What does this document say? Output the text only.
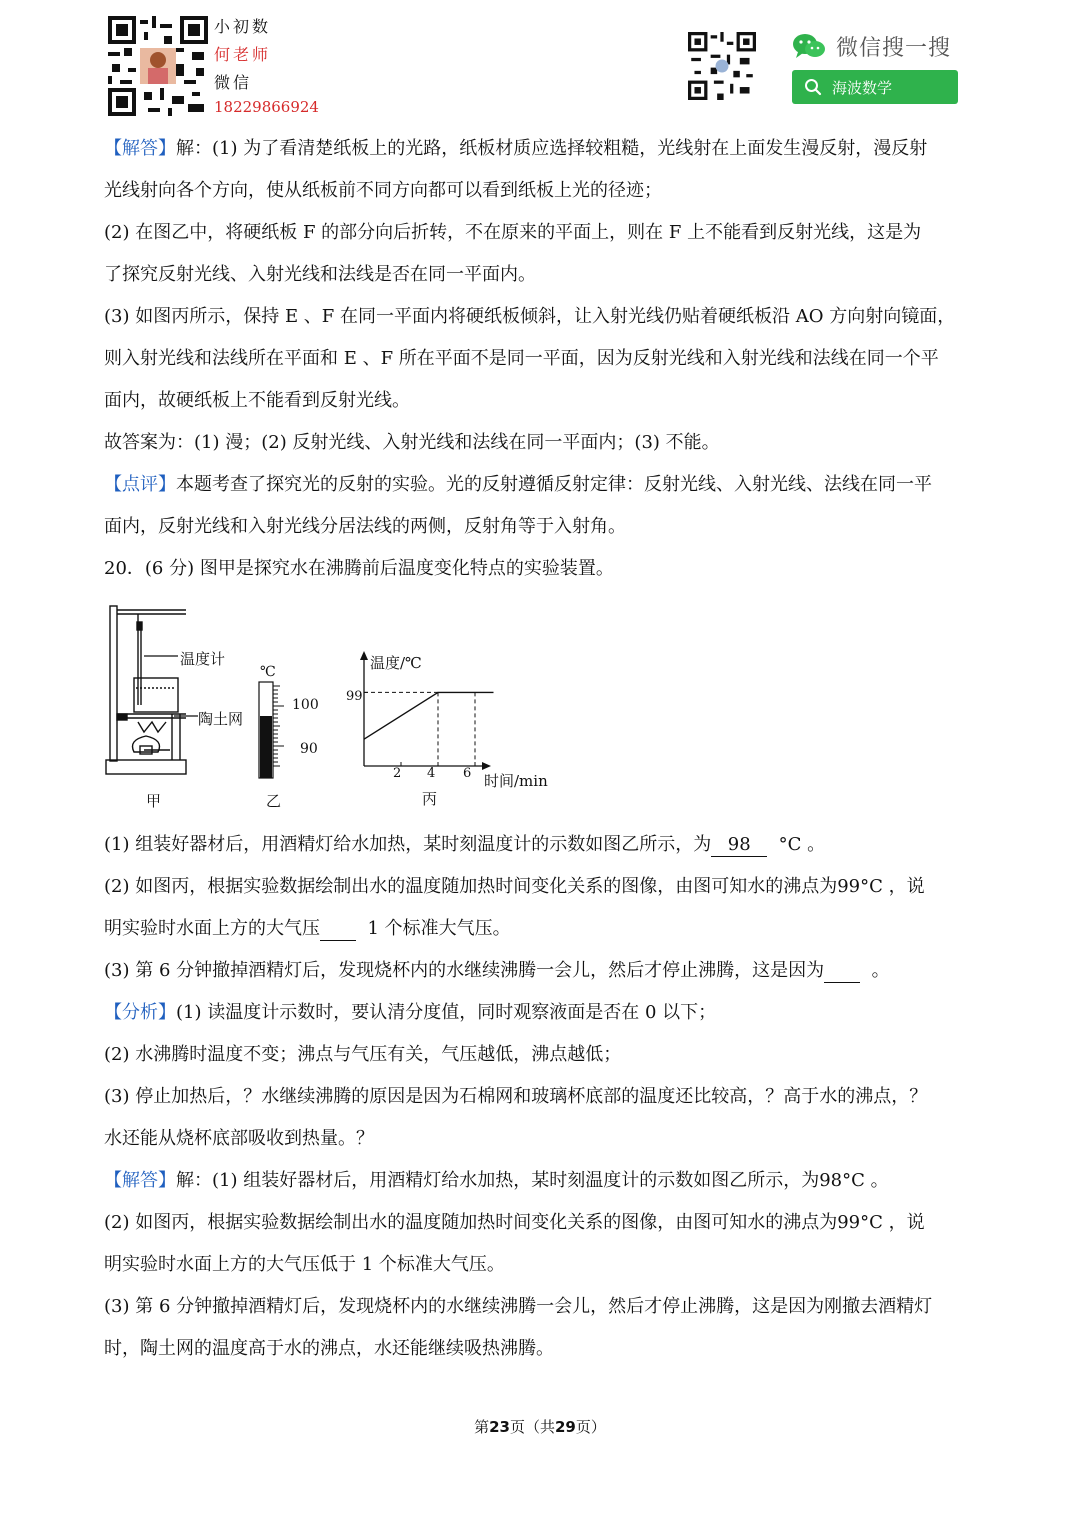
小初数
何老师
微信
18229866924
微信搜一搜
海波数学
【解答】解：(1) 为了看清楚纸板上的光路，纸板材质应选择较粗糙，光线射在上面发生漫反射，漫反射
光线射向各个方向，使从纸板前不同方向都可以看到纸板上光的径迹；
(2) 在图乙中，将硬纸板 F 的部分向后折转，不在原来的平面上，则在 F 上不能看到反射光线，这是为
了探究反射光线、入射光线和法线是否在同一平面内。
(3) 如图丙所示，保持 E 、F 在同一平面内将硬纸板倾斜，让入射光线仍贴着硬纸板沿 AO 方向射向镜面，
则入射光线和法线所在平面和 E 、F 所在平面不是同一平面，因为反射光线和入射光线和法线在同一个平
面内，故硬纸板上不能看到反射光线。
故答案为：(1) 漫；(2) 反射光线、入射光线和法线在同一平面内；(3) 不能。
【点评】本题考查了探究光的反射的实验。光的反射遵循反射定律：反射光线、入射光线、法线在同一平
面内，反射光线和入射光线分居法线的两侧，反射角等于入射角。
20．(6 分) 图甲是探究水在沸腾前后温度变化特点的实验装置。
温度计
陶土网
甲
℃
100
90
乙
温度/℃
99
2 4 6 时间/min
丙
(1) 组装好器材后，用酒精灯给水加热，某时刻温度计的示数如图乙所示，为 98 °C 。
(2) 如图丙，根据实验数据绘制出水的温度随加热时间变化关系的图像，由图可知水的沸点为99°C ，说
明实验时水面上方的大气压	1 个标准大气压。
(3) 第 6 分钟撤掉酒精灯后，发现烧杯内的水继续沸腾一会儿，然后才停止沸腾，这是因为	。
【分析】(1) 读温度计示数时，要认清分度值，同时观察液面是否在 0 以下；
(2) 水沸腾时温度不变；沸点与气压有关，气压越低，沸点越低；
(3) 停止加热后，？水继续沸腾的原因是因为石棉网和玻璃杯底部的温度还比较高，？高于水的沸点，？
水还能从烧杯底部吸收到热量。？
【解答】解：(1) 组装好器材后，用酒精灯给水加热，某时刻温度计的示数如图乙所示，为98°C 。
(2) 如图丙，根据实验数据绘制出水的温度随加热时间变化关系的图像，由图可知水的沸点为99°C ，说
明实验时水面上方的大气压低于 1 个标准大气压。
(3) 第 6 分钟撤掉酒精灯后，发现烧杯内的水继续沸腾一会儿，然后才停止沸腾，这是因为刚撤去酒精灯
时，陶土网的温度高于水的沸点，水还能继续吸热沸腾。
第23页（共29页）
